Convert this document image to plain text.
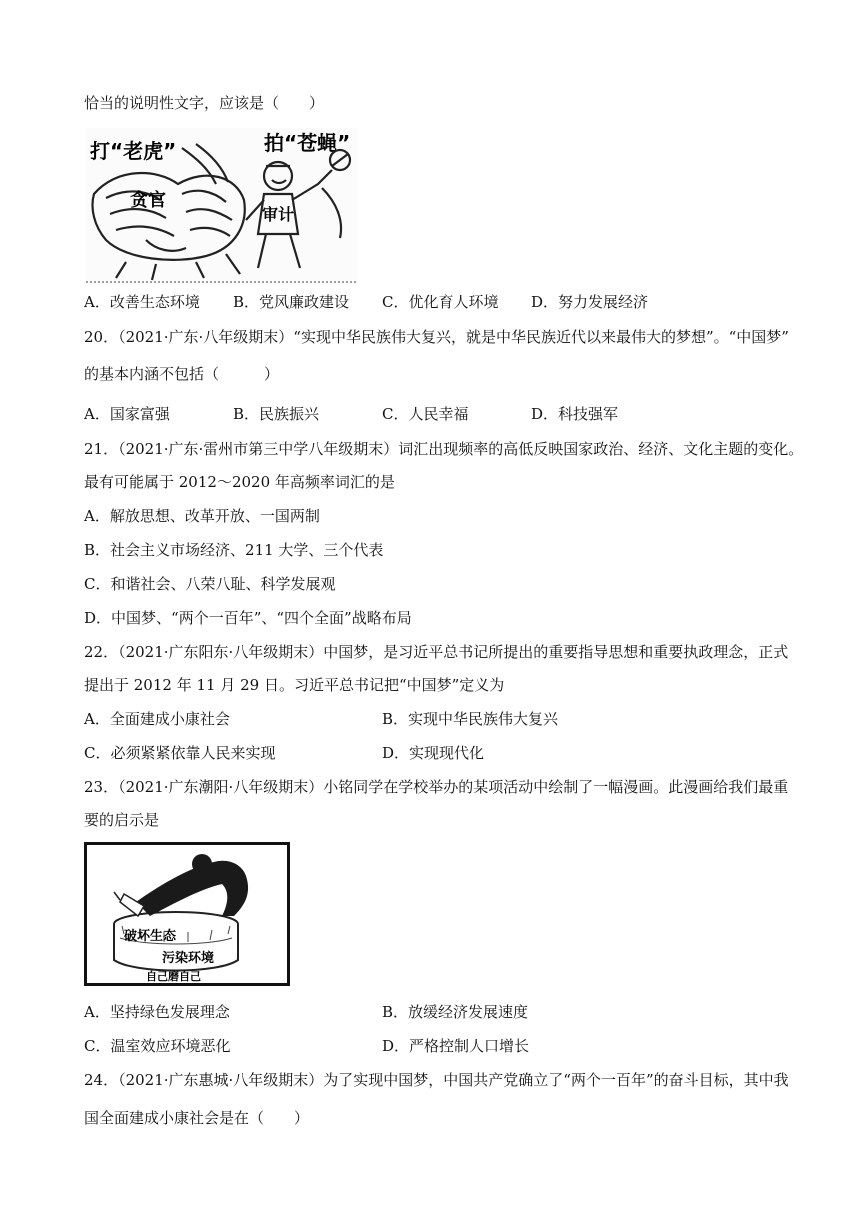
恰当的说明性文字，应该是（　　）
打“老虎”	拍“苍蝇”
贪官
审计
A．改善生态环境 B．党风廉政建设 C．优化育人环境 D．努力发展经济
20．（2021·广东·八年级期末）“实现中华民族伟大复兴，就是中华民族近代以来最伟大的梦想”。“中国梦”
的基本内涵不包括（　　　）
A．国家富强	B．民族振兴	C．人民幸福	D．科技强军
21．（2021·广东·雷州市第三中学八年级期末）词汇出现频率的高低反映国家政治、经济、文化主题的变化。
最有可能属于 2012～2020 年高频率词汇的是
A．解放思想、改革开放、一国两制
B．社会主义市场经济、211 大学、三个代表
C．和谐社会、八荣八耻、科学发展观
D．中国梦、“两个一百年”、“四个全面”战略布局
22．（2021·广东阳东·八年级期末）中国梦，是习近平总书记所提出的重要指导思想和重要执政理念，正式
提出于 2012 年 11 月 29 日。习近平总书记把“中国梦”定义为
A．全面建成小康社会	B．实现中华民族伟大复兴
C．必须紧紧依靠人民来实现	D．实现现代化
23．（2021·广东潮阳·八年级期末）小铭同学在学校举办的某项活动中绘制了一幅漫画。此漫画给我们最重
要的启示是
破坏生态
污染环境
自己磨自己
A．坚持绿色发展理念	B．放缓经济发展速度
C．温室效应环境恶化	D．严格控制人口增长
24．（2021·广东惠城·八年级期末）为了实现中国梦，中国共产党确立了“两个一百年”的奋斗目标，其中我
国全面建成小康社会是在（　　）
